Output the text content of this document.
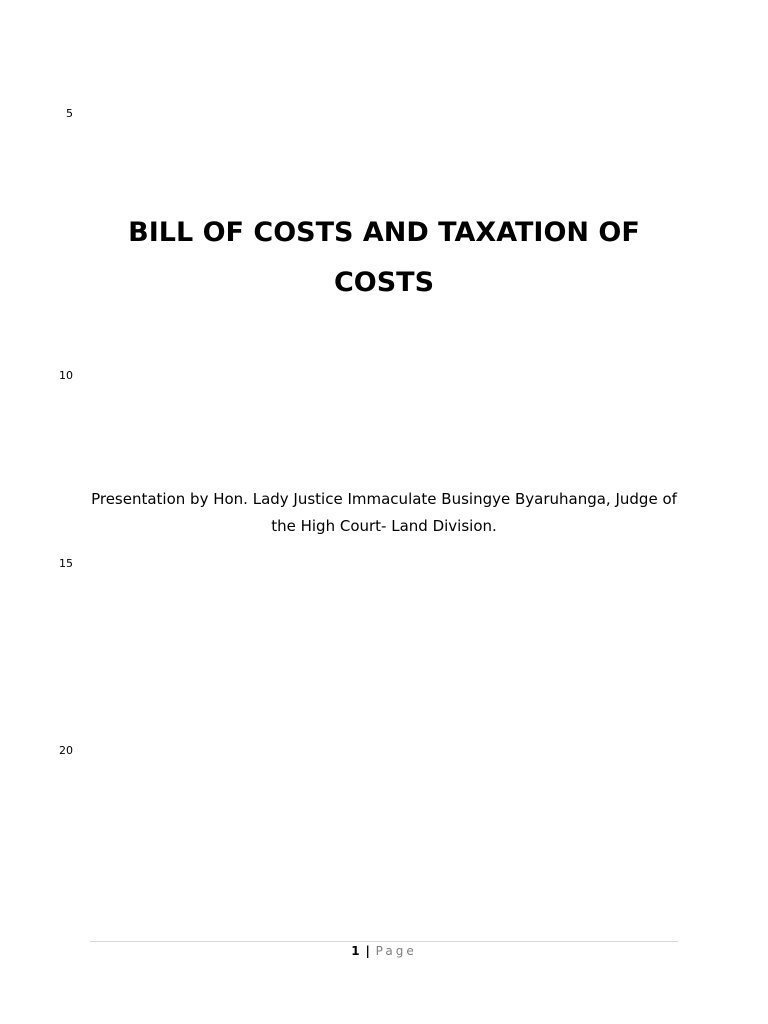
5
BILL OF COSTS AND TAXATION OF COSTS
10

Presentation by Hon. Lady Justice Immaculate Busingye Byaruhanga, Judge of the High Court- Land Division.

15
20
1 | Page
